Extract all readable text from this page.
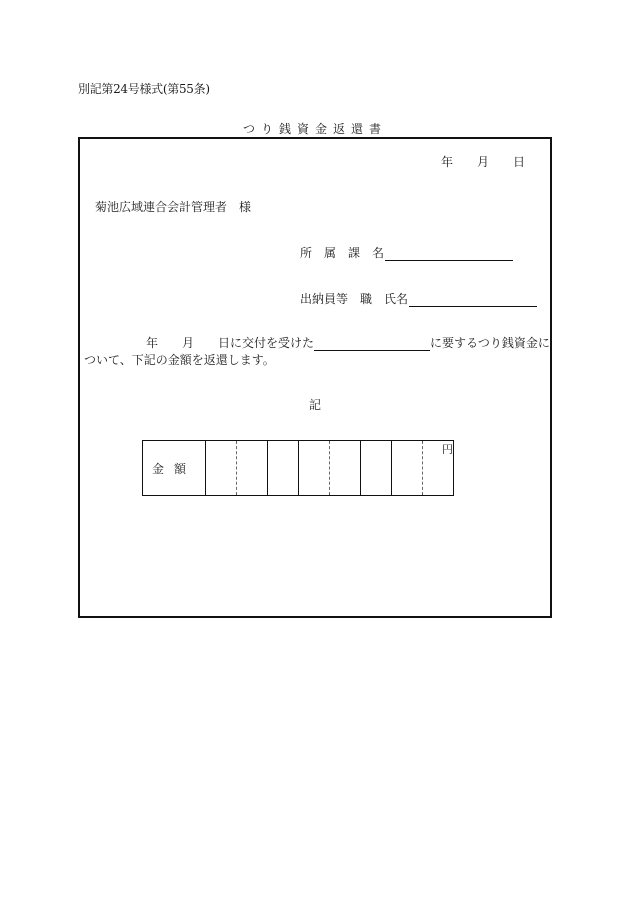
別記第24号様式(第55条)
つり銭資金返還書
年 月 日
菊池広域連合会計管理者　様
所　属　課　名
出納員等　職　氏名
年 月 日に交付を受けた	に要するつり銭資金に
ついて、下記の金額を返還します。
記
金額								円
